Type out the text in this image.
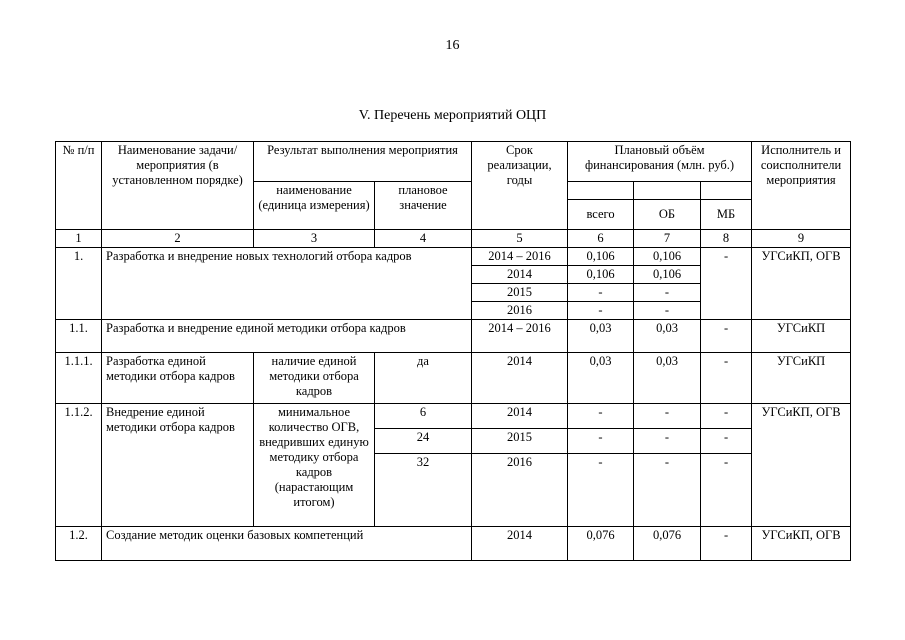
16
V. Перечень мероприятий ОЦП
№ п/п	Наименование задачи/мероприятия (в установленном порядке)	Результат выполнения мероприятия		Срок реализации, годы	Плановый объём финансирования (млн. руб.)			Исполнитель и соисполнители мероприятия
		наименование (единица измерения)	плановое значение					
					всего	ОБ	МБ	
1	2	3	4	5	6	7	8	9
1.	Разработка и внедрение новых технологий отбора кадров			2014 – 2016	0,106	0,106	-	УГСиКП, ОГВ
				2014	0,106	0,106		
				2015	-	-		
				2016	-	-		
1.1.	Разработка и внедрение единой методики отбора кадров			2014 – 2016	0,03	0,03	-	УГСиКП
1.1.1.	Разработка единой методики отбора кадров	наличие единой методики отбора кадров	да	2014	0,03	0,03	-	УГСиКП
1.1.2.	Внедрение единой методики отбора кадров	минимальное количество ОГВ, внедривших единую методику отбора кадров (нарастающим итогом)	6	2014	-	-	-	УГСиКП, ОГВ
			24	2015	-	-	-	
			32	2016	-	-	-	
1.2.	Создание методик оценки базовых компетенций			2014	0,076	0,076	-	УГСиКП, ОГВ
